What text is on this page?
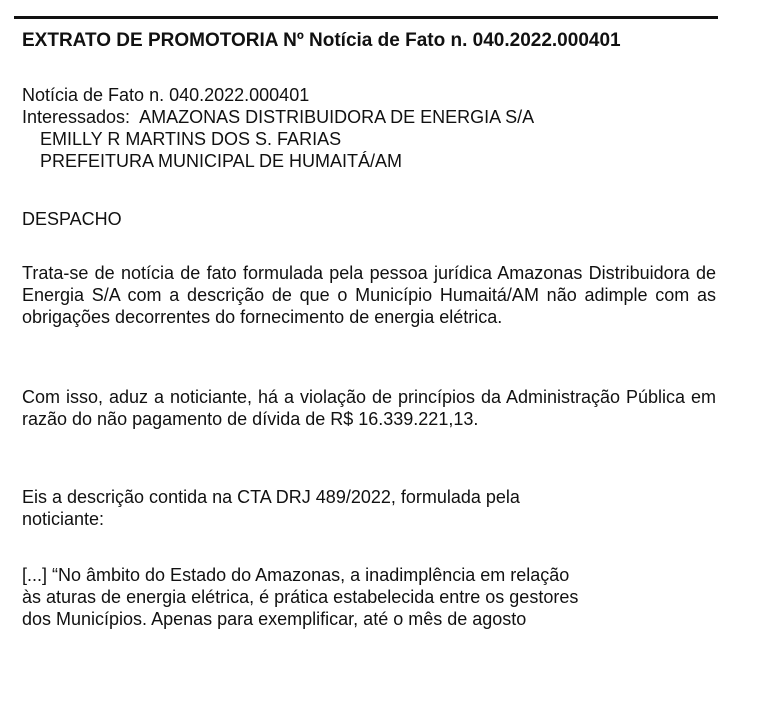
EXTRATO DE PROMOTORIA Nº Notícia de Fato n. 040.2022.000401
Notícia de Fato n. 040.2022.000401
Interessados: AMAZONAS DISTRIBUIDORA DE ENERGIA S/A
EMILLY R MARTINS DOS S. FARIAS
PREFEITURA MUNICIPAL DE HUMAITÁ/AM
DESPACHO
Trata-se de notícia de fato formulada pela pessoa jurídica Amazonas Distribuidora de Energia S/A com a descrição de que o Município Humaitá/AM não adimple com as obrigações decorrentes do fornecimento de energia elétrica.
Com isso, aduz a noticiante, há a violação de princípios da Administração Pública em razão do não pagamento de dívida de R$ 16.339.221,13.
Eis a descrição contida na CTA DRJ 489/2022, formulada pela
noticiante:
[...] “No âmbito do Estado do Amazonas, a inadimplência em relação
às aturas de energia elétrica, é prática estabelecida entre os gestores
dos Municípios. Apenas para exemplificar, até o mês de agosto
